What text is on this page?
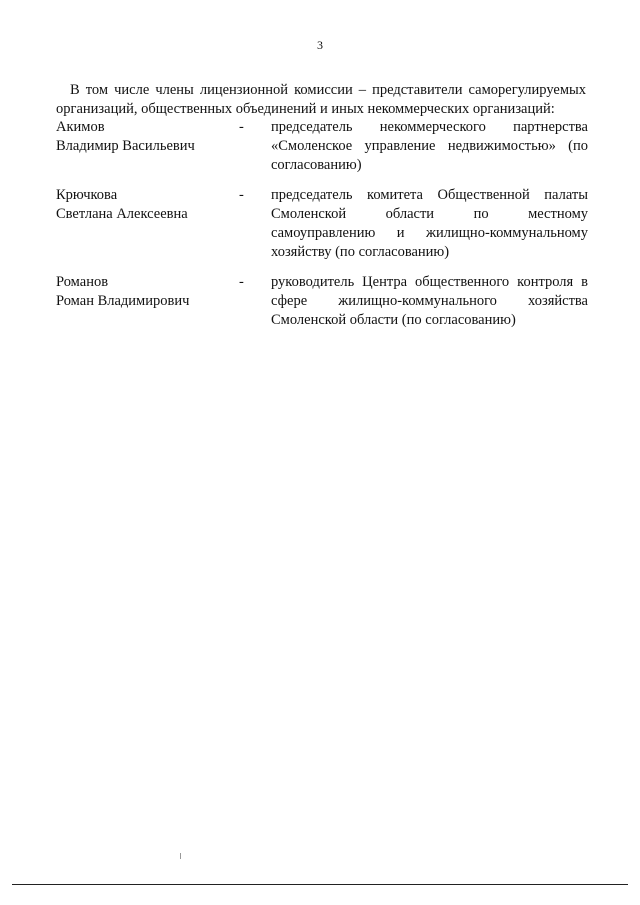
3

В том числе члены лицензионной комиссии – представители саморегулируемых организаций, общественных объединений и иных некоммерческих организаций:

Акимов
Владимир Васильевич
-	председатель некоммерческого партнерства «Смоленское управление недвижимостью» (по согласованию)
Крючкова
Светлана Алексеевна
-	председатель комитета Общественной палаты Смоленской области по местному самоуправлению и жилищно-коммунальному хозяйству (по согласованию)
Романов
Роман Владимирович
-	руководитель Центра общественного контроля в сфере жилищно-коммунального хозяйства Смоленской области (по согласованию)
